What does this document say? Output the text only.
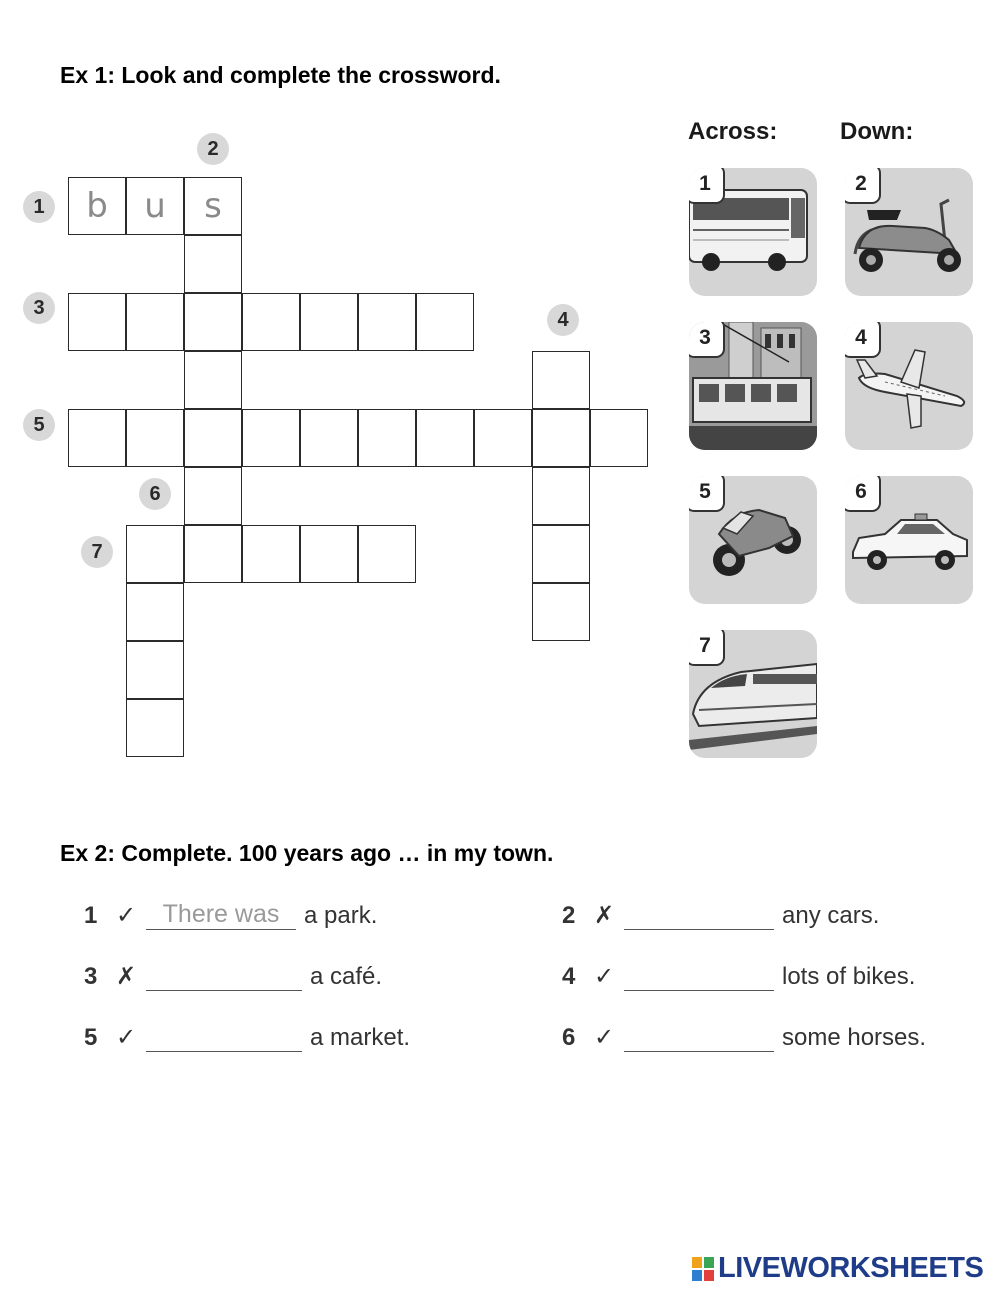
Ex 1: Look and complete the crossword.
b	u	s
1
2
3
4
5
6
7
Across:	Down:
1	2
3	4
5	6
7
Ex 2: Complete. 100 years ago … in my town.
1 ✓	There was	a park.	2 ✗	any cars.
3 ✗	a café.	4 ✓	lots of bikes.
5 ✓	a market.	6 ✓	some horses.
LIVEWORKSHEETS
